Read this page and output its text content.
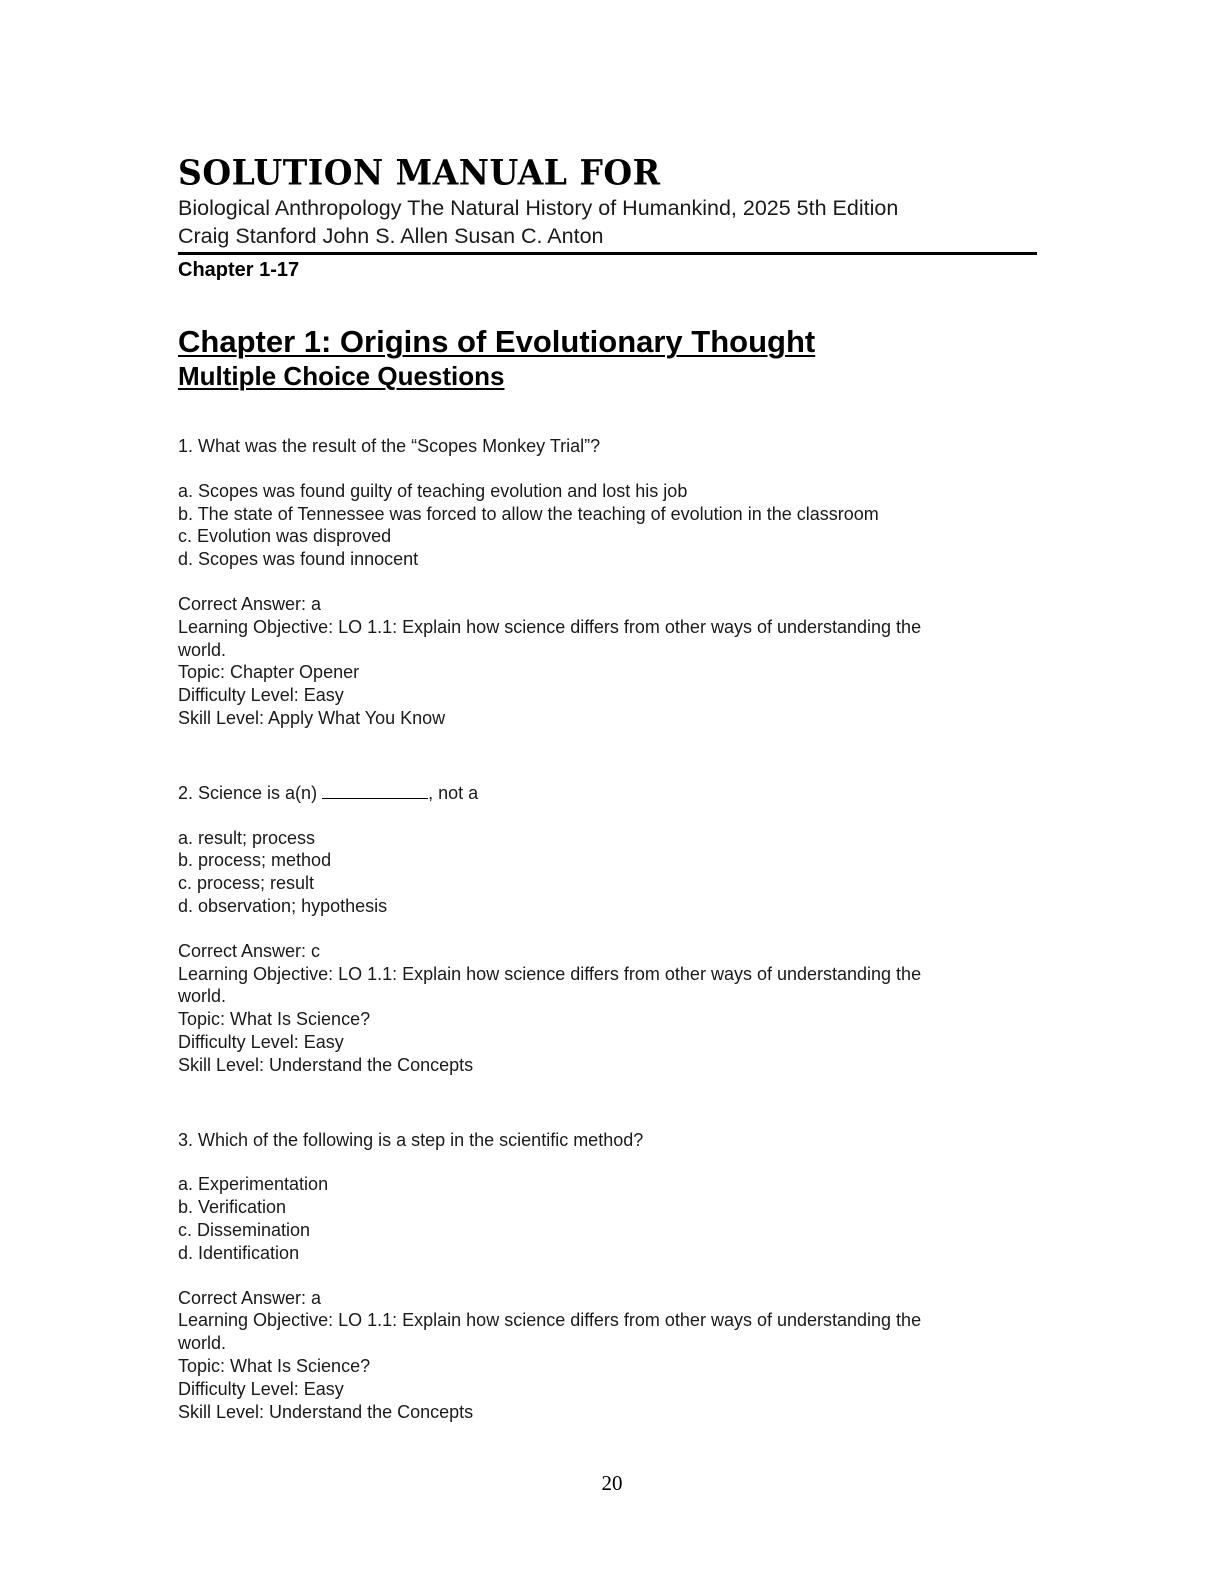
SOLUTION MANUAL FOR

Biological Anthropology The Natural History of Humankind, 2025 5th Edition

Craig Stanford John S. Allen Susan C. Anton

Chapter 1-17

Chapter 1: Origins of Evolutionary Thought
Multiple Choice Questions

1. What was the result of the “Scopes Monkey Trial”?

a. Scopes was found guilty of teaching evolution and lost his job

b. The state of Tennessee was forced to allow the teaching of evolution in the classroom

c. Evolution was disproved

d. Scopes was found innocent

Correct Answer: a

Learning Objective: LO 1.1: Explain how science differs from other ways of understanding the

world.

Topic: Chapter Opener

Difficulty Level: Easy

Skill Level: Apply What You Know

2. Science is a(n)	, not a

a. result; process

b. process; method

c. process; result

d. observation; hypothesis

Correct Answer: c

Learning Objective: LO 1.1: Explain how science differs from other ways of understanding the

world.

Topic: What Is Science?

Difficulty Level: Easy

Skill Level: Understand the Concepts

3. Which of the following is a step in the scientific method?

a. Experimentation

b. Verification

c. Dissemination

d. Identification

Correct Answer: a

Learning Objective: LO 1.1: Explain how science differs from other ways of understanding the

world.

Topic: What Is Science?

Difficulty Level: Easy

Skill Level: Understand the Concepts

20
